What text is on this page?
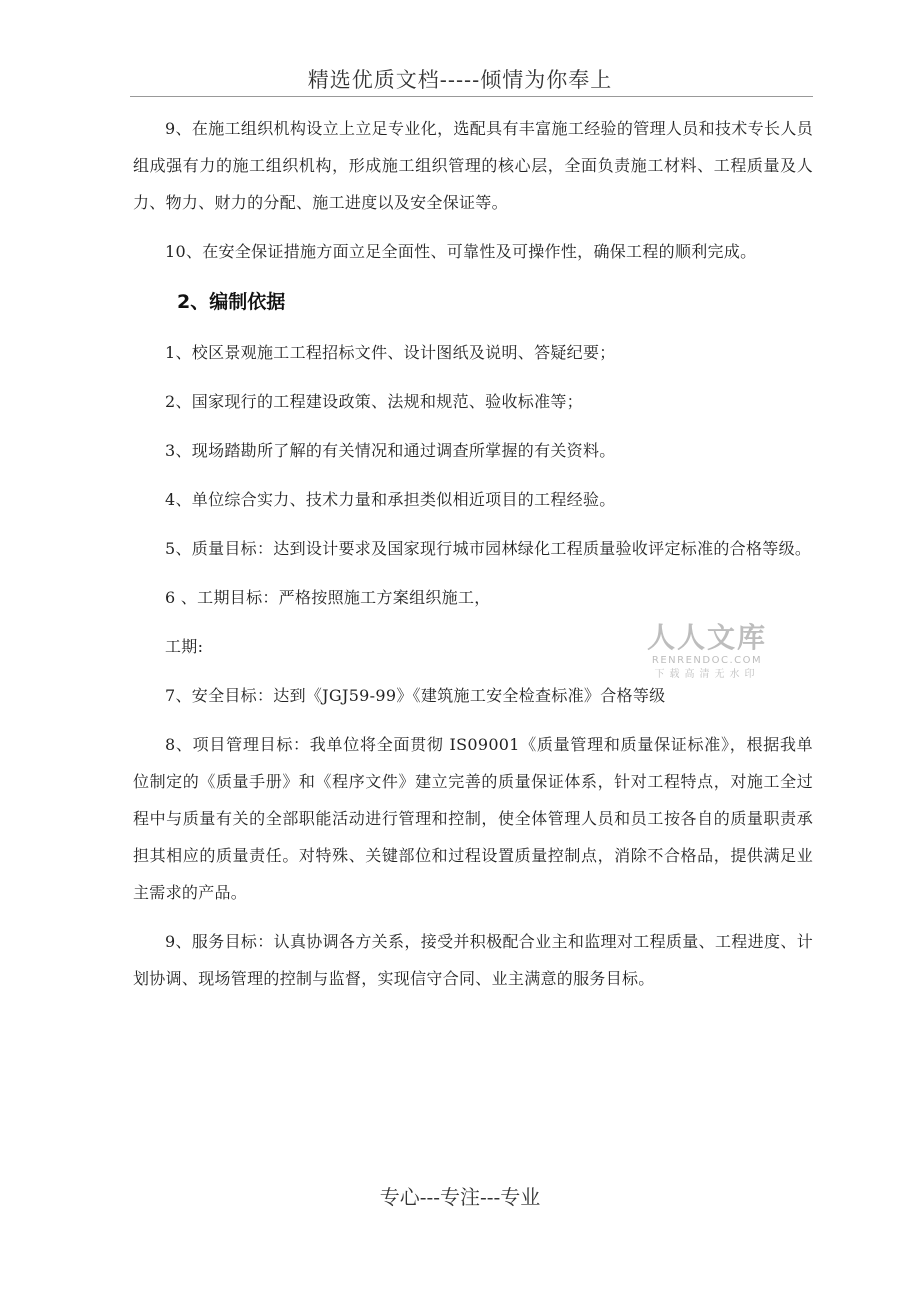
精选优质文档-----倾情为你奉上

9、在施工组织机构设立上立足专业化，选配具有丰富施工经验的管理人员和技术专长人员组成强有力的施工组织机构，形成施工组织管理的核心层，全面负责施工材料、工程质量及人力、物力、财力的分配、施工进度以及安全保证等。

10、在安全保证措施方面立足全面性、可靠性及可操作性，确保工程的顺利完成。

2、编制依据

1、校区景观施工工程招标文件、设计图纸及说明、答疑纪要；

2、国家现行的工程建设政策、法规和规范、验收标准等；

3、现场踏勘所了解的有关情况和通过调查所掌握的有关资料。

4、单位综合实力、技术力量和承担类似相近项目的工程经验。

5、质量目标：达到设计要求及国家现行城市园林绿化工程质量验收评定标准的合格等级。

6 、工期目标：严格按照施工方案组织施工，

工期:

7、安全目标：达到《JGJ59-99》《建筑施工安全检查标准》合格等级

8、项目管理目标：我单位将全面贯彻 IS09001《质量管理和质量保证标准》，根据我单位制定的《质量手册》和《程序文件》建立完善的质量保证体系，针对工程特点，对施工全过程中与质量有关的全部职能活动进行管理和控制，使全体管理人员和员工按各自的质量职责承担其相应的质量责任。对特殊、关键部位和过程设置质量控制点，消除不合格品，提供满足业主需求的产品。

9、服务目标：认真协调各方关系，接受并积极配合业主和监理对工程质量、工程进度、计划协调、现场管理的控制与监督，实现信守合同、业主满意的服务目标。

人人文库
RENRENDOC.COM
下载高清无水印
专心---专注---专业
